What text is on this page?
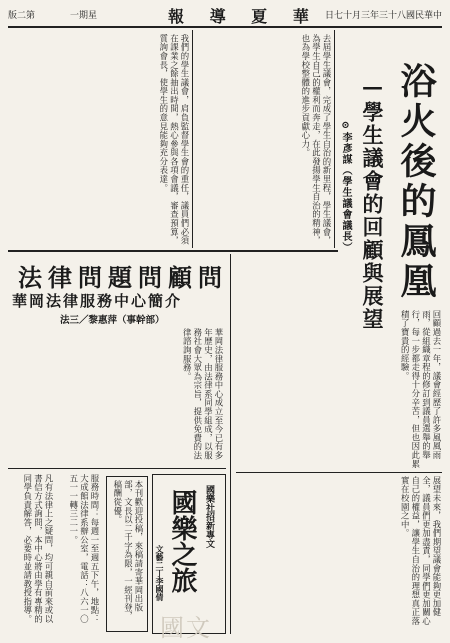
版二第	一期星	報 導 夏 華 日七十月三年三十八國民華中
浴火後的鳳凰
—學生議會的回顧與展望
⊙李彥謀（學生議會議長）
去屆學生議會，完成了學生自治的新里程，學生議會，為學生自己的權利而奔走，在此發揚學生自治的精神，也為學校整體的進步貢獻心力。
我們的學生議會，肩負監督學生會的重任，議員們必須在課業之餘抽出時間，熱心參與各項會議，審查預算，質詢會長，使學生的意見能夠充分表達。
回顧過去一年，議會經歷了許多風風雨雨，從組織章程的修訂到議員選舉的舉行，每一步都走得十分辛苦，但也因此累積了寶貴的經驗。
展望未來，我們期望議會能夠更加健全，議員們更加盡責，同學們更加關心自己的權益，讓學生自治的理想真正落實在校園之中。
法律問題問顧問
華岡法律服務中心簡介
法三／黎惠萍（事幹部）
華岡法律服務中心成立至今已有多年歷史，由法律系同學組成，以服務社會大眾為宗旨，提供免費的法律諮詢服務。
凡有法律上之疑問，均可親自前來或以書信方式詢問，本中心將由學有專精的同學負責解答，必要時並請教授指導。	服務時間：每週一至週五下午，地點：大成館法律系辦公室，電話：八六一〇五一一轉三二一。	本刊歡迎投稿，來稿請寄華岡出版部，文長以二千字為限，一經刊登，稿酬從優。	國樂社招新專文
國樂之旅
文藝二丁李國倩
國文
